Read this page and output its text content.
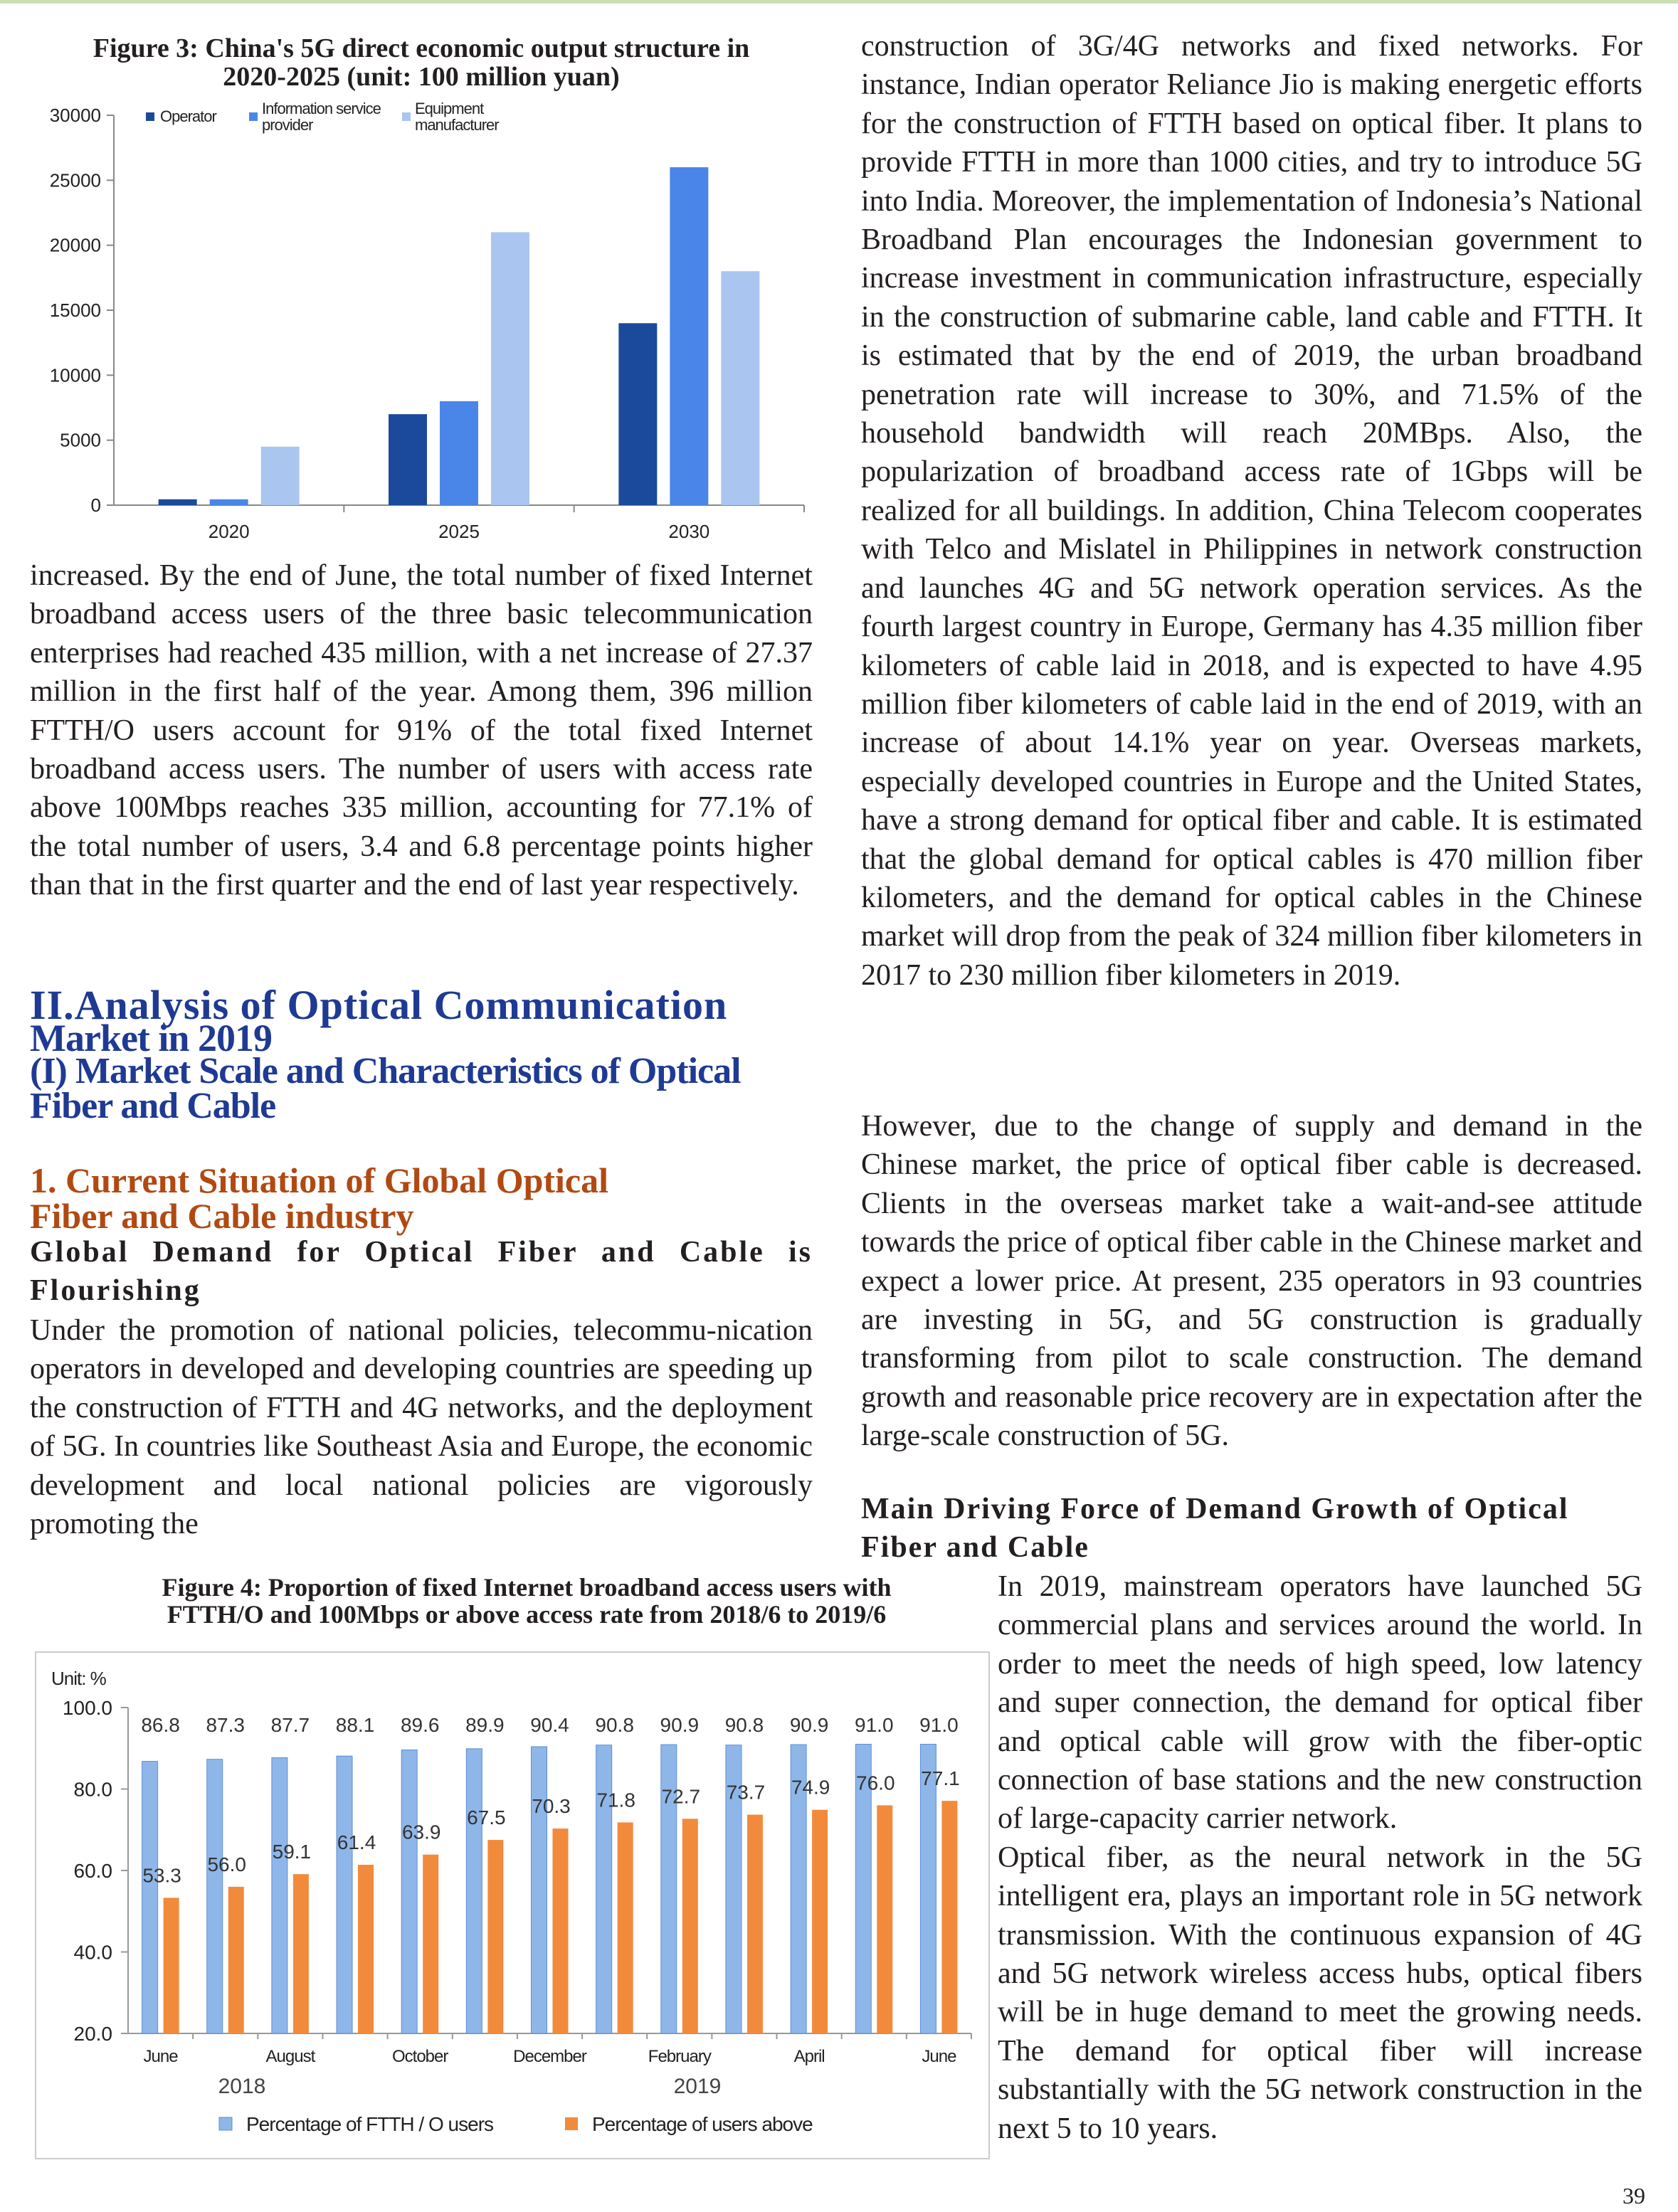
Figure 3: China's 5G direct economic output structure in

2020-2025 (unit: 100 million yuan)

0
5000
10000
15000
20000
25000
30000
2020	2025	2030
Operator	Information service
provider
Equipment
manufacturer

increased. By the end of June, the total number of fixed Internet broadband access users of the three basic telecommunication enterprises had reached 435 million, with a net increase of 27.37 million in the first half of the year. Among them, 396 million FTTH/O users account for 91% of the total fixed Internet broadband access users. The number of users with access rate above 100Mbps reaches 335 million, accounting for 77.1% of the total number of users, 3.4 and 6.8 percentage points higher than that in the first quarter and the end of last year respectively.

II.Analysis of Optical Communication

Market in 2019

(I) Market Scale and Characteristics of Optical

Fiber and Cable

1. Current Situation of Global Optical

Fiber and Cable industry

Global Demand for Optical Fiber and Cable is Flourishing

Under the promotion of national policies, telecommu-nication operators in developed and developing countries are speeding up the construction of FTTH and 4G networks, and the deployment of 5G. In countries like Southeast Asia and Europe, the economic development and local national policies are vigorously promoting the

Figure 4: Proportion of fixed Internet broadband access users with

FTTH/O and 100Mbps or above access rate from 2018/6 to 2019/6

Unit: %
20.0
40.0
60.0
80.0
100.0
86.8
53.3
87.3
56.0
87.7
59.1
88.1
61.4
89.6
63.9
89.9
67.5
90.4
70.3
90.8
71.8
90.9
72.7
90.8
73.7
90.9
74.9
91.0
76.0
91.0
77.1
June	August	October	December	February	April	June
2018	2019
Percentage of FTTH / O users	Percentage of users above

construction of 3G/4G networks and fixed networks. For instance, Indian operator Reliance Jio is making energetic efforts for the construction of FTTH based on optical fiber. It plans to provide FTTH in more than 1000 cities, and try to introduce 5G into India. Moreover, the implementation of Indonesia’s National Broadband Plan encourages the Indonesian government to increase investment in communication infrastructure, especially in the construction of submarine cable, land cable and FTTH. It is estimated that by the end of 2019, the urban broadband penetration rate will increase to 30%, and 71.5% of the household bandwidth will reach 20MBps. Also, the popularization of broadband access rate of 1Gbps will be realized for all buildings. In addition, China Telecom cooperates with Telco and Mislatel in Philippines in network construction and launches 4G and 5G network operation services. As the fourth largest country in Europe, Germany has 4.35 million fiber kilometers of cable laid in 2018, and is expected to have 4.95 million fiber kilometers of cable laid in the end of 2019, with an increase of about 14.1% year on year. Overseas markets, especially developed countries in Europe and the United States, have a strong demand for optical fiber and cable. It is estimated that the global demand for optical cables is 470 million fiber kilometers, and the demand for optical cables in the Chinese market will drop from the peak of 324 million fiber kilometers in 2017 to 230 million fiber kilometers in 2019.

However, due to the change of supply and demand in the Chinese market, the price of optical fiber cable is decreased. Clients in the overseas market take a wait-and-see attitude towards the price of optical fiber cable in the Chinese market and expect a lower price. At present, 235 operators in 93 countries are investing in 5G, and 5G construction is gradually transforming from pilot to scale construction. The demand growth and reasonable price recovery are in expectation after the large-scale construction of 5G.

Main Driving Force of Demand Growth of Optical Fiber and Cable

In 2019, mainstream operators have launched 5G commercial plans and services around the world. In order to meet the needs of high speed, low latency and super connection, the demand for optical fiber and optical cable will grow with the fiber-optic connection of base stations and the new construction of large-capacity carrier network.

Optical fiber, as the neural network in the 5G intelligent era, plays an important role in 5G network transmission. With the continuous expansion of 4G and 5G network wireless access hubs, optical fibers will be in huge demand to meet the growing needs. The demand for optical fiber will increase substantially with the 5G network construction in the next 5 to 10 years.

39
